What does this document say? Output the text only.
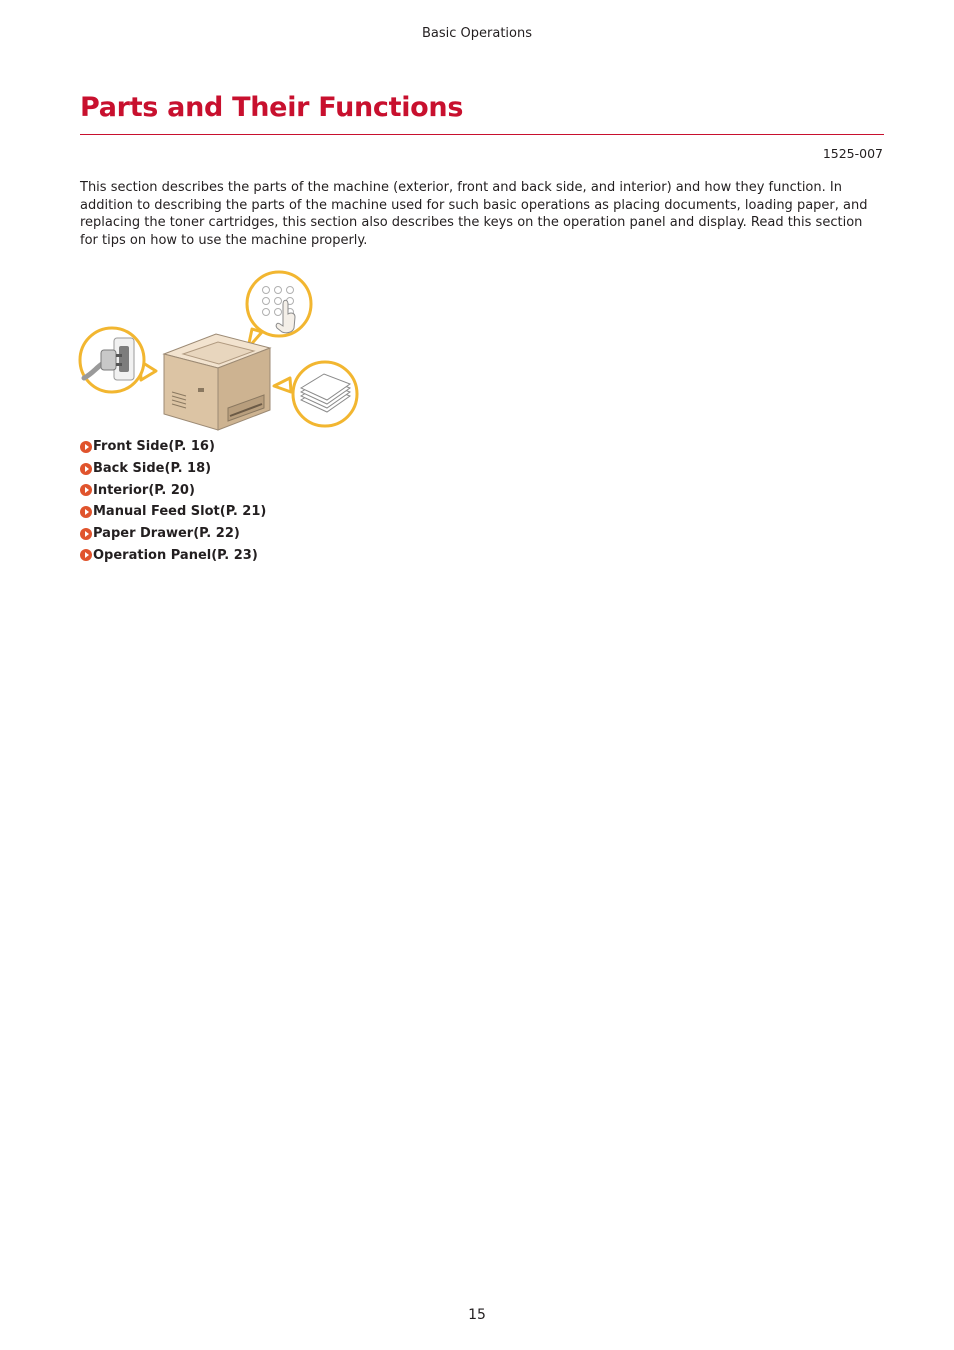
Basic Operations
Parts and Their Functions
1525-007

This section describes the parts of the machine (exterior, front and back side, and interior) and how they function. In addition to describing the parts of the machine used for such basic operations as placing documents, loading paper, and replacing the toner cartridges, this section also describes the keys on the operation panel and display. Read this section for tips on how to use the machine properly.

Front Side(P. 16)
Back Side(P. 18)
Interior(P. 20)
Manual Feed Slot(P. 21)
Paper Drawer(P. 22)
Operation Panel(P. 23)
15
